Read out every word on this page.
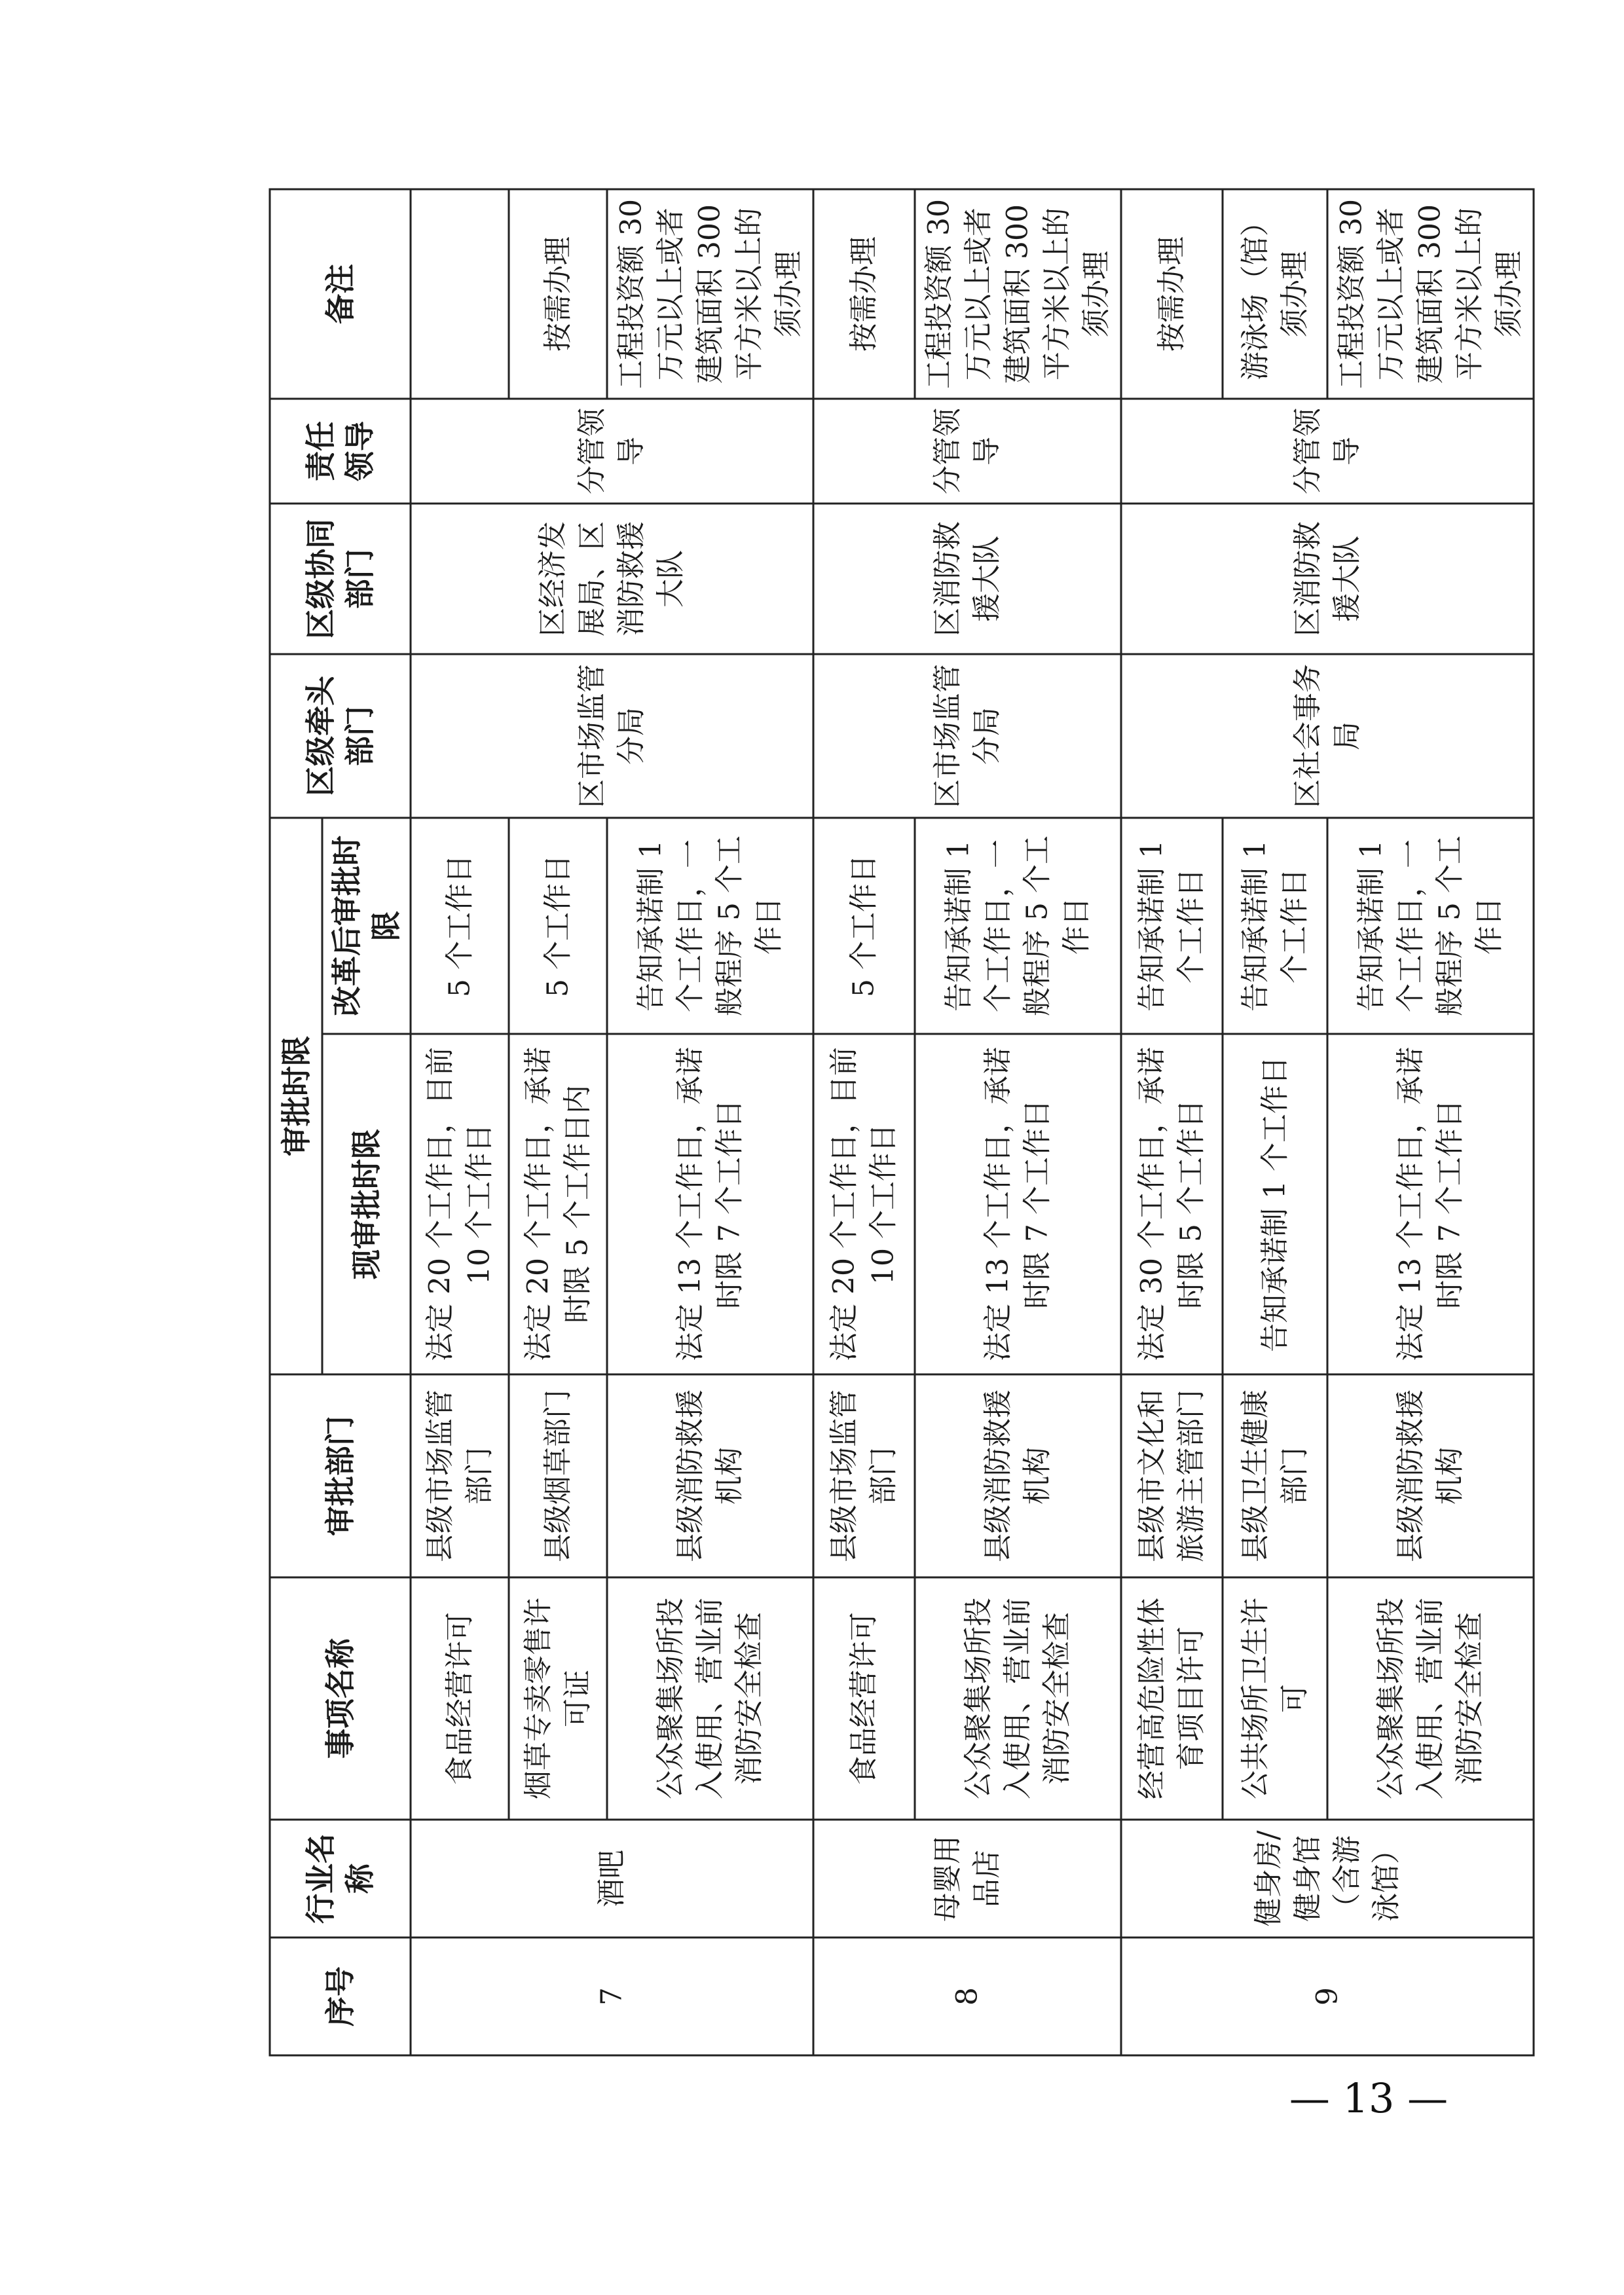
序号	行业名称	事项名称	审批部门	审批时限		区级牵头部门	区级协同部门	责任领导	备注
				现审批时限	改革后审批时限				
7	酒吧	食品经营许可	县级市场监管部门	法定 20 个工作日，目前 10 个工作日	5 个工作日	区市场监管分局	区经济发展局、区消防救援大队	分管领导	
		烟草专卖零售许可证	县级烟草部门	法定 20 个工作日，承诺时限 5 个工作日内	5 个工作日				按需办理
		公众聚集场所投入使用、营业前消防安全检查	县级消防救援机构	法定 13 个工作日，承诺时限 7 个工作日	告知承诺制 1 个工作日，一般程序 5 个工作日				工程投资额 30 万元以上或者建筑面积 300 平方米以上的须办理
8	母婴用品店	食品经营许可	县级市场监管部门	法定 20 个工作日，目前 10 个工作日	5 个工作日	区市场监管分局	区消防救援大队	分管领导	按需办理
		公众聚集场所投入使用、营业前消防安全检查	县级消防救援机构	法定 13 个工作日，承诺时限 7 个工作日	告知承诺制 1 个工作日，一般程序 5 个工作日				工程投资额 30 万元以上或者建筑面积 300 平方米以上的须办理
9	健身房/健身馆（含游泳馆）	经营高危险性体育项目许可	县级市文化和旅游主管部门	法定 30 个工作日，承诺时限 5 个工作日	告知承诺制 1 个工作日	区社会事务局	区消防救援大队	分管领导	按需办理
		公共场所卫生许可	县级卫生健康部门	告知承诺制 1 个工作日	告知承诺制 1 个工作日				游泳场（馆）须办理
		公众聚集场所投入使用、营业前消防安全检查	县级消防救援机构	法定 13 个工作日，承诺时限 7 个工作日	告知承诺制 1 个工作日，一般程序 5 个工作日				工程投资额 30 万元以上或者建筑面积 300 平方米以上的须办理
— 13 —
